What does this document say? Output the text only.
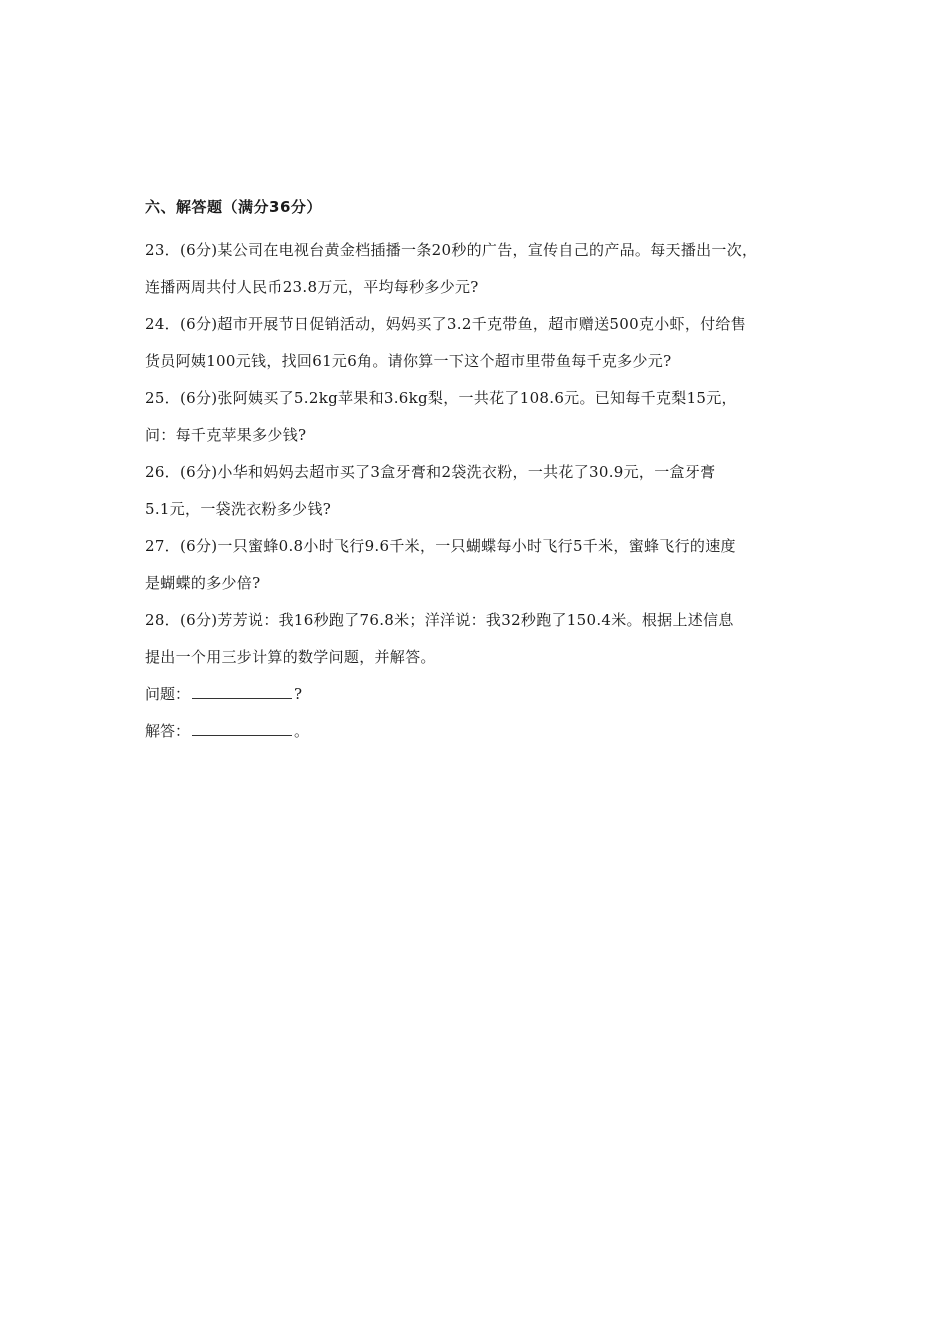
六、解答题（满分36分）
23．(6分)某公司在电视台黄金档插播一条20秒的广告，宣传自己的产品。每天播出一次，
连播两周共付人民币23.8万元，平均每秒多少元?
24．(6分)超市开展节日促销活动，妈妈买了3.2千克带鱼，超市赠送500克小虾，付给售
货员阿姨100元钱，找回61元6角。请你算一下这个超市里带鱼每千克多少元?
25．(6分)张阿姨买了5.2kg苹果和3.6kg梨，一共花了108.6元。已知每千克梨15元，
问：每千克苹果多少钱?
26．(6分)小华和妈妈去超市买了3盒牙膏和2袋洗衣粉，一共花了30.9元，一盒牙膏
5.1元，一袋洗衣粉多少钱?
27．(6分)一只蜜蜂0.8小时飞行9.6千米，一只蝴蝶每小时飞行5千米，蜜蜂飞行的速度
是蝴蝶的多少倍?
28．(6分)芳芳说：我16秒跑了76.8米；洋洋说：我32秒跑了150.4米。根据上述信息
提出一个用三步计算的数学问题，并解答。
问题：	?
解答：	。
